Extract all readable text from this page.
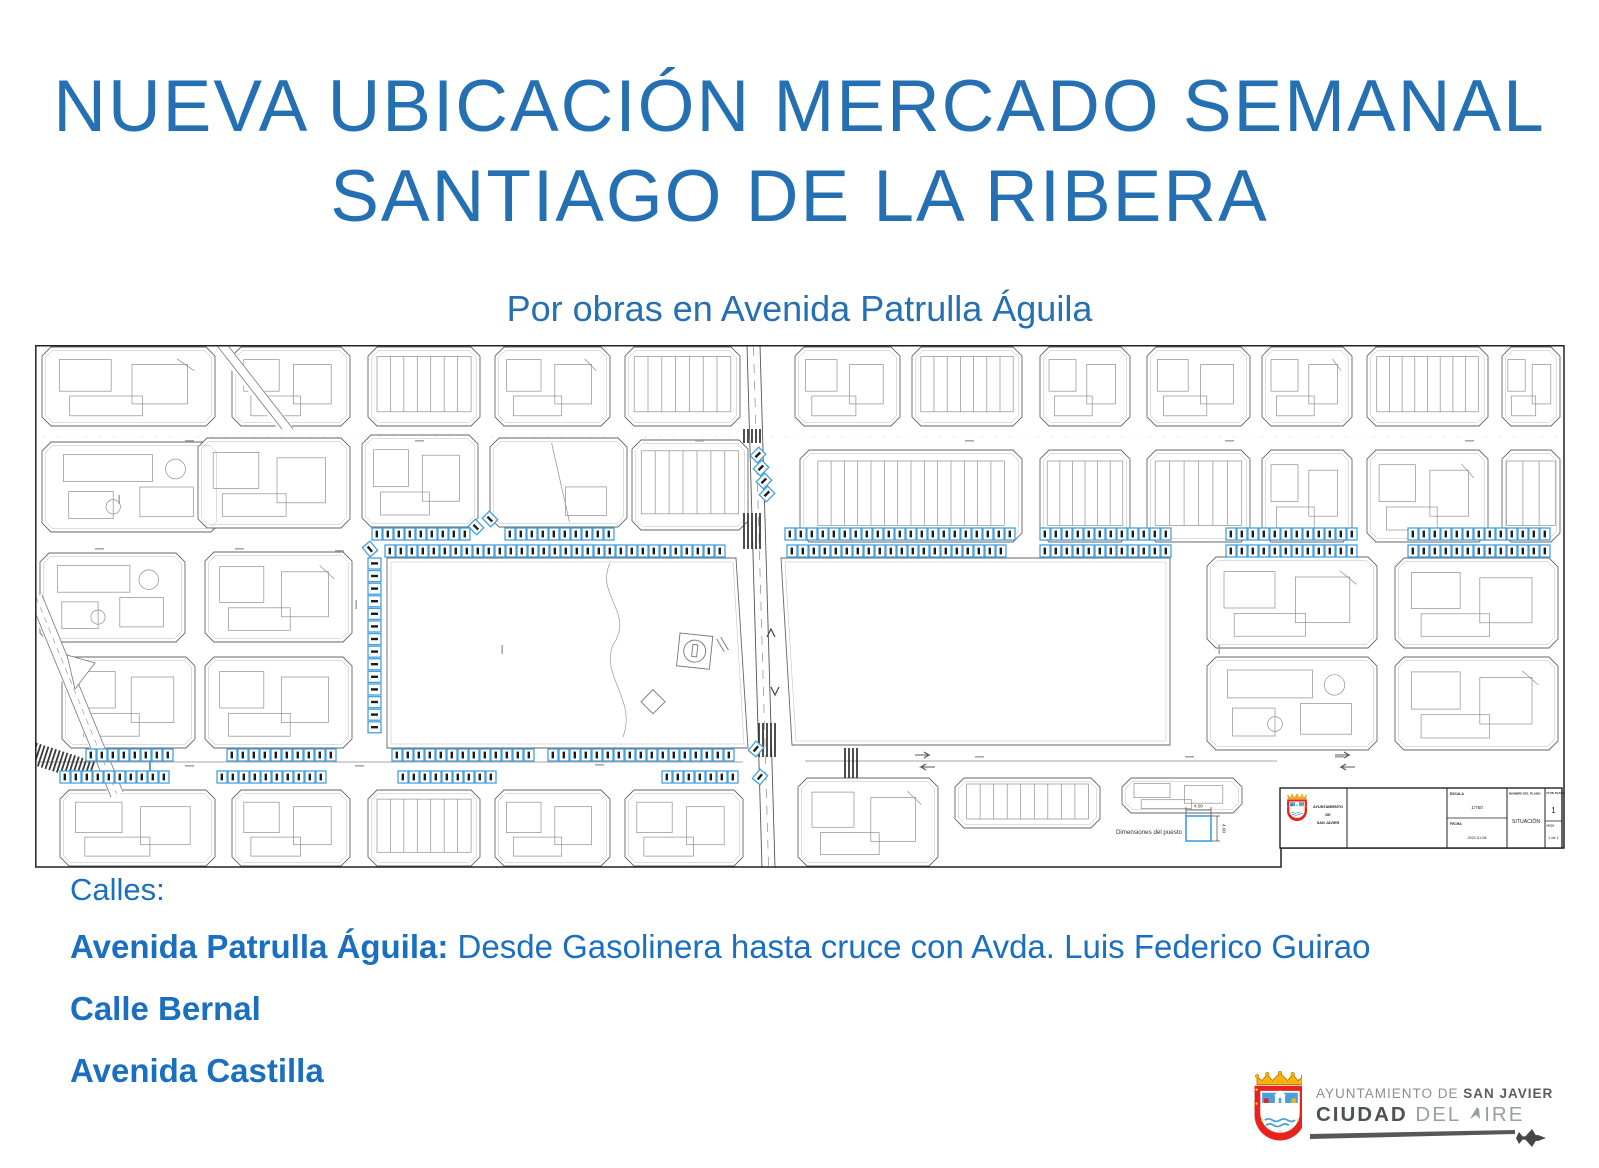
NUEVA UBICACIÓN MERCADO SEMANAL
SANTIAGO DE LA RIBERA
Por obras en Avenida Patrulla Águila
Dimensiones del puesto
4.00
4.00
AYUNTAMIENTO
DE
SAN JAVIER
ESCALA
1/750
FECHA
2022.01.08
NOMBRE DEL PLANO
SITUACIÓN
Nº DE PLANO
1
HOJA
1 de 1
Calles:
Avenida Patrulla Águila: Desde Gasolinera hasta cruce con Avda. Luis Federico Guirao
Calle Bernal
Avenida Castilla
AYUNTAMIENTO DE SAN JAVIER
CIUDAD DEL IRE
